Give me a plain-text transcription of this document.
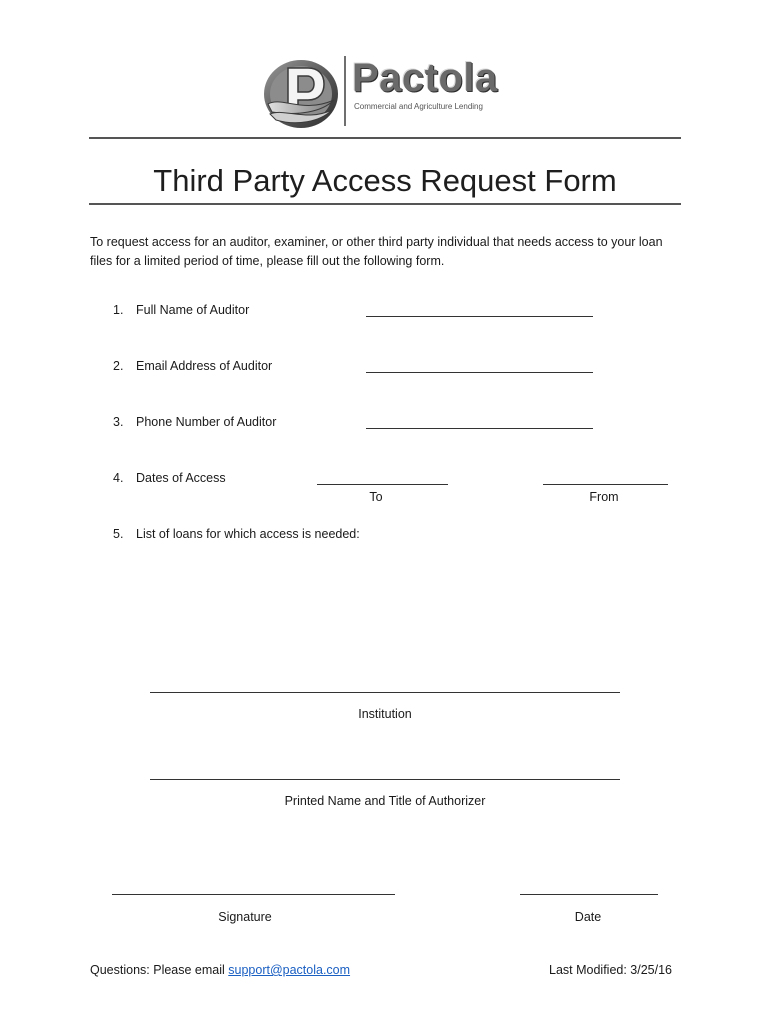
Pactola
Commercial and Agriculture Lending
Third Party Access Request Form
To request access for an auditor, examiner, or other third party individual that needs access to your loan files for a limited period of time, please fill out the following form.
1. Full Name of Auditor
2. Email Address of Auditor
3. Phone Number of Auditor
4. Dates of Access
To	From
5. List of loans for which access is needed:
Institution
Printed Name and Title of Authorizer
Signature	Date
Questions: Please email support@pactola.com	Last Modified: 3/25/16
